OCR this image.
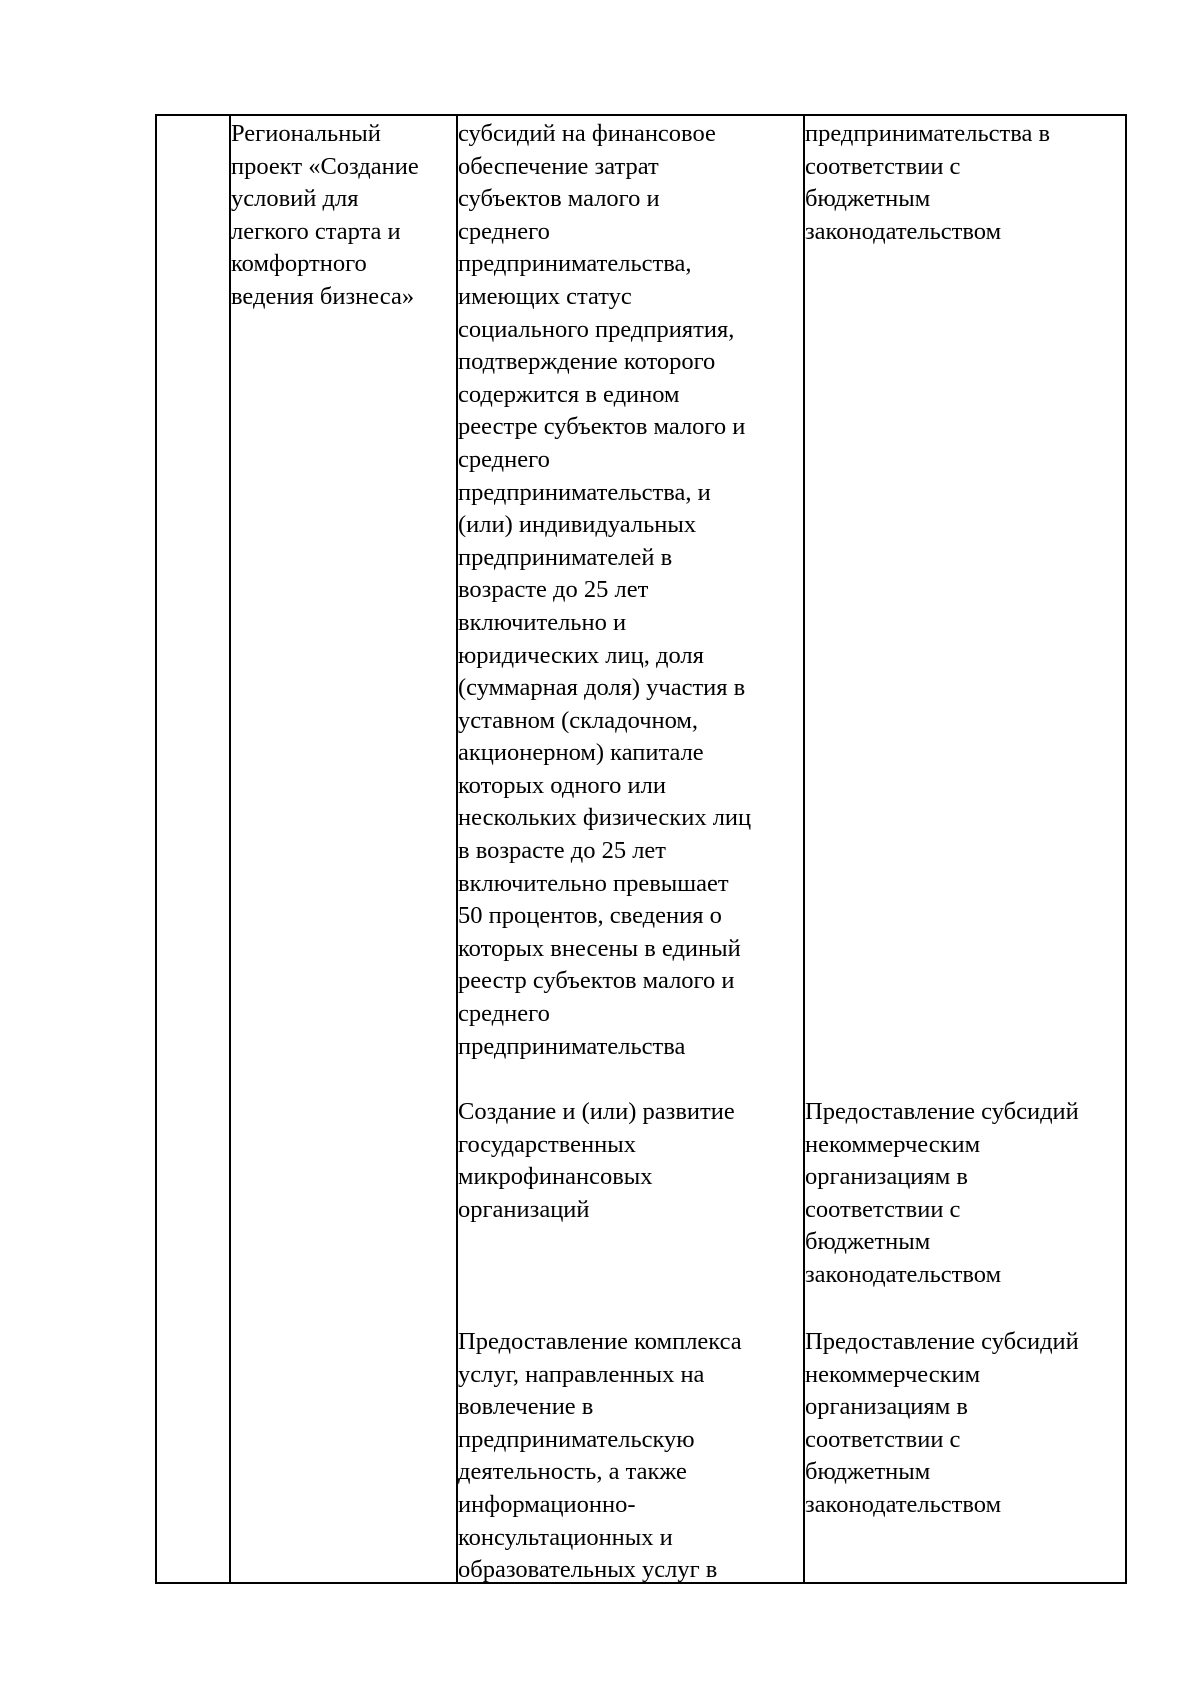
Региональный
проект «Создание
условий для
легкого старта и
комфортного
ведения бизнеса»
субсидий на финансовое
обеспечение затрат
субъектов малого и
среднего
предпринимательства,
имеющих статус
социального предприятия,
подтверждение которого
содержится в едином
реестре субъектов малого и
среднего
предпринимательства, и
(или) индивидуальных
предпринимателей в
возрасте до 25 лет
включительно и
юридических лиц, доля
(суммарная доля) участия в
уставном (складочном,
акционерном) капитале
которых одного или
нескольких физических лиц
в возрасте до 25 лет
включительно превышает
50 процентов, сведения о
которых внесены в единый
реестр субъектов малого и
среднего
предпринимательства
предпринимательства в
соответствии с
бюджетным
законодательством
Создание и (или) развитие
государственных
микрофинансовых
организаций
Предоставление субсидий
некоммерческим
организациям в
соответствии с
бюджетным
законодательством
Предоставление комплекса
услуг, направленных на
вовлечение в
предпринимательскую
деятельность, а также
информационно-
консультационных и
образовательных услуг в
Предоставление субсидий
некоммерческим
организациям в
соответствии с
бюджетным
законодательством
